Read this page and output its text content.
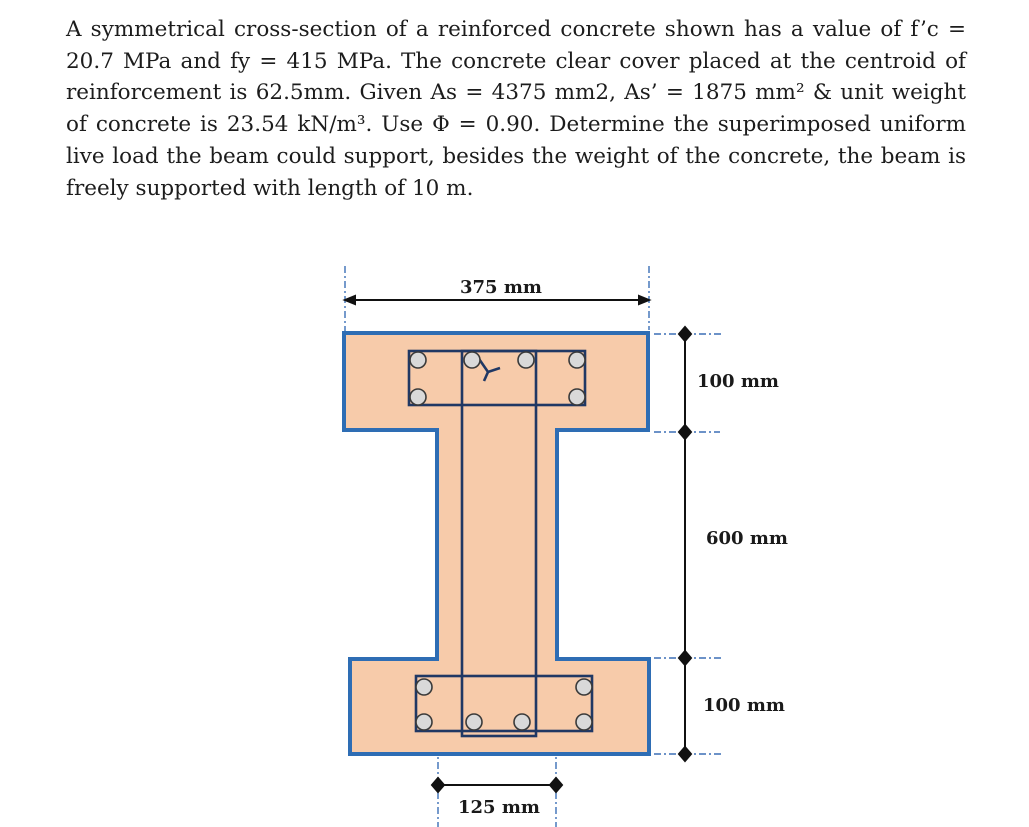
A symmetrical cross-section of a reinforced concrete shown has a value of f’c = 20.7 MPa and fy = 415 MPa. The concrete clear cover placed at the centroid of reinforcement is 62.5mm. Given As = 4375 mm2, As’ = 1875 mm² & unit weight of concrete is 23.54 kN/m³. Use Φ = 0.90. Determine the superimposed uniform live load the beam could support, besides the weight of the concrete, the beam is freely supported with length of 10 m.

375 mm
100 mm
600 mm
100 mm
125 mm
